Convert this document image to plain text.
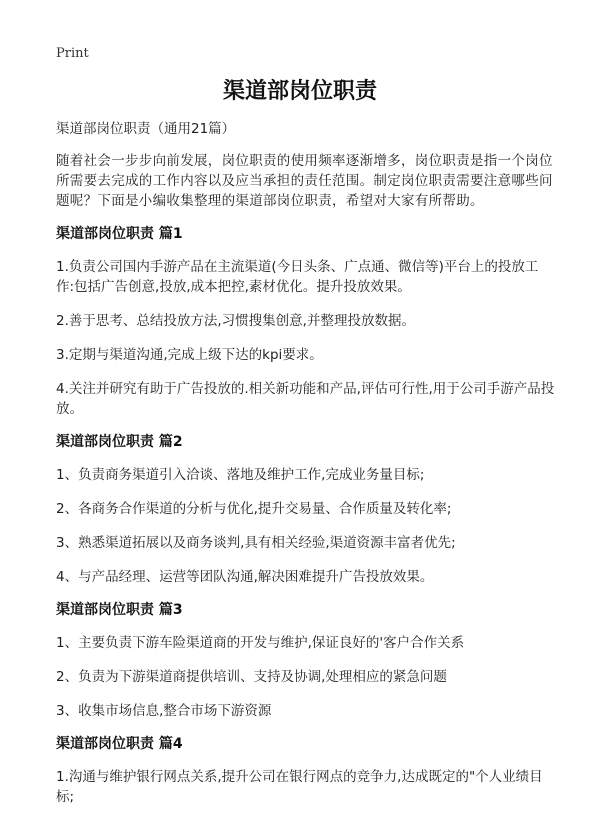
Print
渠道部岗位职责

渠道部岗位职责（通用21篇）

随着社会一步步向前发展，岗位职责的使用频率逐渐增多，岗位职责是指一个岗位所需要去完成的工作内容以及应当承担的责任范围。制定岗位职责需要注意哪些问题呢？下面是小编收集整理的渠道部岗位职责，希望对大家有所帮助。

渠道部岗位职责 篇1

1.负责公司国内手游产品在主流渠道(今日头条、广点通、微信等)平台上的投放工作:包括广告创意,投放,成本把控,素材优化。提升投放效果。

2.善于思考、总结投放方法,习惯搜集创意,并整理投放数据。

3.定期与渠道沟通,完成上级下达的kpi要求。

4.关注并研究有助于广告投放的.相关新功能和产品,评估可行性,用于公司手游产品投放。

渠道部岗位职责 篇2

1、负责商务渠道引入洽谈、落地及维护工作,完成业务量目标;

2、各商务合作渠道的分析与优化,提升交易量、合作质量及转化率;

3、熟悉渠道拓展以及商务谈判,具有相关经验,渠道资源丰富者优先;

4、与产品经理、运营等团队沟通,解决困难提升广告投放效果。

渠道部岗位职责 篇3

1、主要负责下游车险渠道商的开发与维护,保证良好的'客户合作关系

2、负责为下游渠道商提供培训、支持及协调,处理相应的紧急问题

3、收集市场信息,整合市场下游资源

渠道部岗位职责 篇4

1.沟通与维护银行网点关系,提升公司在银行网点的竞争力,达成既定的"个人业绩目标;
